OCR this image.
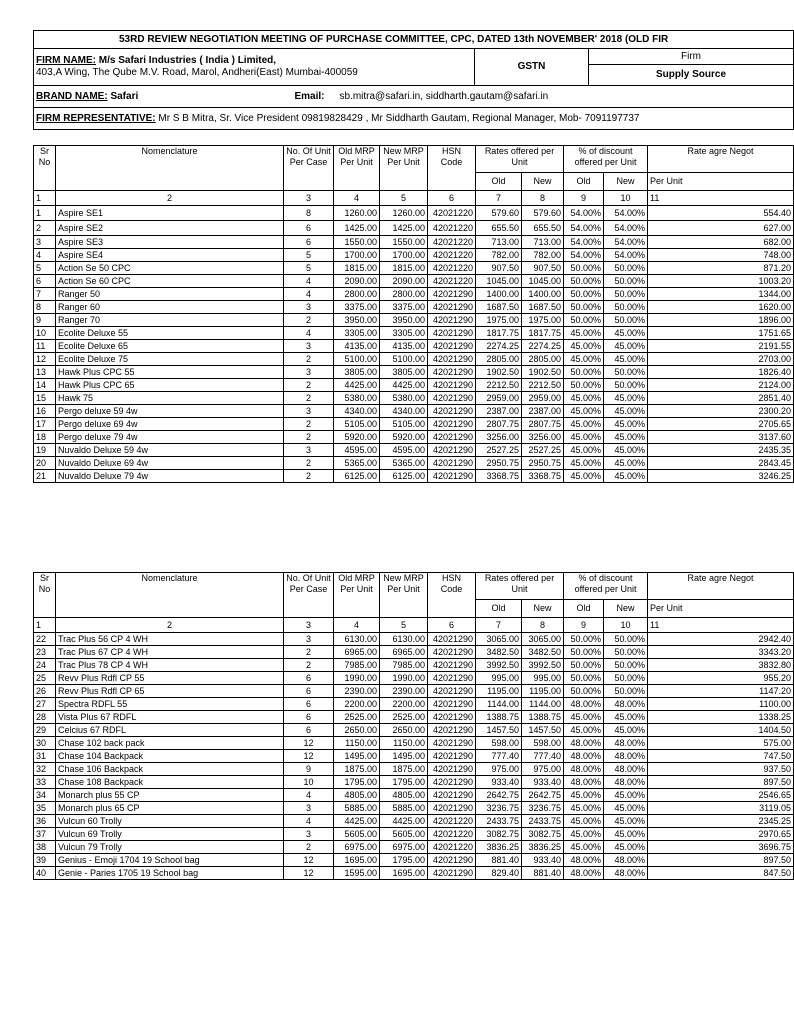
53RD REVIEW NEGOTIATION MEETING OF PURCHASE COMMITTEE, CPC, DATED 13th NOVEMBER' 2018 (OLD FIR
FIRM NAME: M/s Safari Industries ( India ) Limited,
403,A Wing, The Qube M.V. Road, Marol, Andheri(East) Mumbai-400059	GSTN	Firm
Supply Source
BRAND NAME: Safari	Email: sb.mitra@safari.in, siddharth.gautam@safari.in

FIRM REPRESENTATIVE: Mr S B Mitra, Sr. Vice President 09819828429 , Mr Siddharth Gautam, Regional Manager, Mob- 7091197737
Sr No	Nomenclature	No. Of Unit Per Case	Old MRP Per Unit	New MRP Per Unit	HSN Code	Rates offered per Unit		% of discount offered per Unit		Rate agre Negot
						Old	New	Old	New	Per Unit
1	2	3	4	5	6	7	8	9	10	11
1	Aspire SE1	8	1260.00	1260.00	42021220	579.60	579.60	54.00%	54.00%	554.40
2	Aspire SE2	6	1425.00	1425.00	42021220	655.50	655.50	54.00%	54.00%	627.00
3	Aspire SE3	6	1550.00	1550.00	42021220	713.00	713.00	54.00%	54.00%	682.00
4	Aspire SE4	5	1700.00	1700.00	42021220	782.00	782.00	54.00%	54.00%	748.00
5	Action Se 50 CPC	5	1815.00	1815.00	42021220	907.50	907.50	50.00%	50.00%	871.20
6	Action Se 60 CPC	4	2090.00	2090.00	42021220	1045.00	1045.00	50.00%	50.00%	1003.20
7	Ranger 50	4	2800.00	2800.00	42021290	1400.00	1400.00	50.00%	50.00%	1344.00
8	Ranger 60	3	3375.00	3375.00	42021290	1687.50	1687.50	50.00%	50.00%	1620.00
9	Ranger 70	2	3950.00	3950.00	42021290	1975.00	1975.00	50.00%	50.00%	1896.00
10	Ecolite Deluxe 55	4	3305.00	3305.00	42021290	1817.75	1817.75	45.00%	45.00%	1751.65
11	Ecolite Deluxe 65	3	4135.00	4135.00	42021290	2274.25	2274.25	45.00%	45.00%	2191.55
12	Ecolite Deluxe 75	2	5100.00	5100.00	42021290	2805.00	2805.00	45.00%	45.00%	2703.00
13	Hawk Plus CPC 55	3	3805.00	3805.00	42021290	1902.50	1902.50	50.00%	50.00%	1826.40
14	Hawk Plus CPC 65	2	4425.00	4425.00	42021290	2212.50	2212.50	50.00%	50.00%	2124.00
15	Hawk 75	2	5380.00	5380.00	42021290	2959.00	2959.00	45.00%	45.00%	2851.40
16	Pergo deluxe 59 4w	3	4340.00	4340.00	42021290	2387.00	2387.00	45.00%	45.00%	2300.20
17	Pergo deluxe 69 4w	2	5105.00	5105.00	42021290	2807.75	2807.75	45.00%	45.00%	2705.65
18	Pergo deluxe 79 4w	2	5920.00	5920.00	42021290	3256.00	3256.00	45.00%	45.00%	3137.60
19	Nuvaldo Deluxe 59 4w	3	4595.00	4595.00	42021290	2527.25	2527.25	45.00%	45.00%	2435.35
20	Nuvaldo Deluxe 69 4w	2	5365.00	5365.00	42021290	2950.75	2950.75	45.00%	45.00%	2843.45
21	Nuvaldo Deluxe 79 4w	2	6125.00	6125.00	42021290	3368.75	3368.75	45.00%	45.00%	3246.25
Sr No	Nomenclature	No. Of Unit Per Case	Old MRP Per Unit	New MRP Per Unit	HSN Code	Rates offered per Unit		% of discount offered per Unit		Rate agre Negot
						Old	New	Old	New	Per Unit
1	2	3	4	5	6	7	8	9	10	11
22	Trac Plus 56 CP 4 WH	3	6130.00	6130.00	42021290	3065.00	3065.00	50.00%	50.00%	2942.40
23	Trac Plus 67 CP 4 WH	2	6965.00	6965.00	42021290	3482.50	3482.50	50.00%	50.00%	3343.20
24	Trac Plus 78 CP 4 WH	2	7985.00	7985.00	42021290	3992.50	3992.50	50.00%	50.00%	3832.80
25	Revv Plus Rdfl CP 55	6	1990.00	1990.00	42021290	995.00	995.00	50.00%	50.00%	955.20
26	Revv Plus Rdfl CP 65	6	2390.00	2390.00	42021290	1195.00	1195.00	50.00%	50.00%	1147.20
27	Spectra RDFL 55	6	2200.00	2200.00	42021290	1144.00	1144.00	48.00%	48.00%	1100.00
28	Vista Plus 67 RDFL	6	2525.00	2525.00	42021290	1388.75	1388.75	45.00%	45.00%	1338.25
29	Celcius 67 RDFL	6	2650.00	2650.00	42021290	1457.50	1457.50	45.00%	45.00%	1404.50
30	Chase 102 back pack	12	1150.00	1150.00	42021290	598.00	598.00	48.00%	48.00%	575.00
31	Chase 104 Backpack	12	1495.00	1495.00	42021290	777.40	777.40	48.00%	48.00%	747.50
32	Chase 106 Backpack	9	1875.00	1875.00	42021290	975.00	975.00	48.00%	48.00%	937.50
33	Chase 108 Backpack	10	1795.00	1795.00	42021290	933.40	933.40	48.00%	48.00%	897.50
34	Monarch plus 55 CP	4	4805.00	4805.00	42021290	2642.75	2642.75	45.00%	45.00%	2546.65
35	Monarch plus 65 CP	3	5885.00	5885.00	42021290	3236.75	3236.75	45.00%	45.00%	3119.05
36	Vulcun 60 Trolly	4	4425.00	4425.00	42021220	2433.75	2433.75	45.00%	45.00%	2345.25
37	Vulcun 69 Trolly	3	5605.00	5605.00	42021220	3082.75	3082.75	45.00%	45.00%	2970.65
38	Vulcun 79 Trolly	2	6975.00	6975.00	42021220	3836.25	3836.25	45.00%	45.00%	3696.75
39	Genius - Emoji 1704 19 School bag	12	1695.00	1795.00	42021290	881.40	933.40	48.00%	48.00%	897.50
40	Genie - Paries 1705 19 School bag	12	1595.00	1695.00	42021290	829.40	881.40	48.00%	48.00%	847.50
